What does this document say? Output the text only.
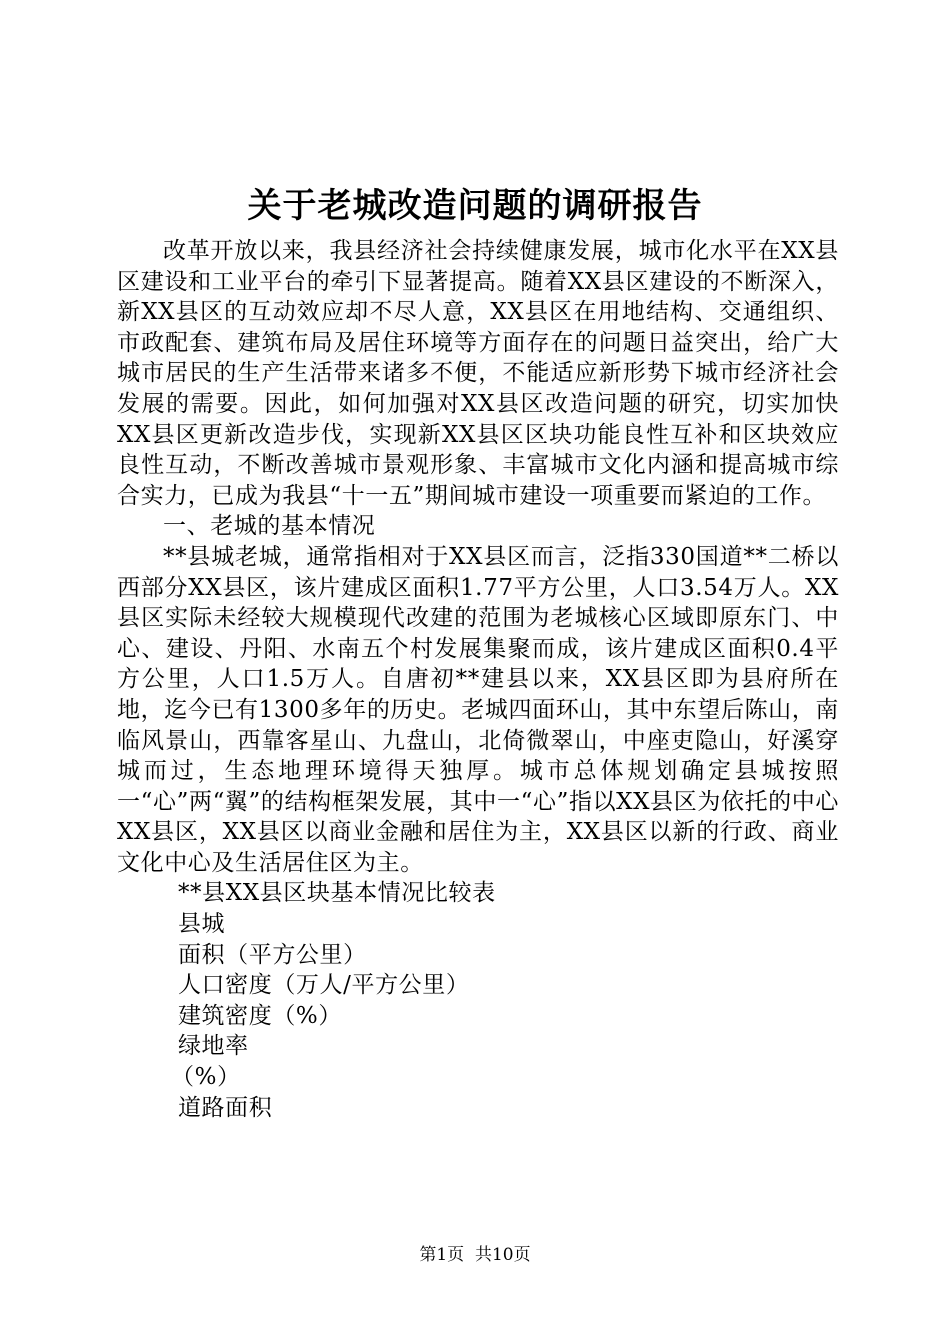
关于老城改造问题的调研报告

改革开放以来，我县经济社会持续健康发展，城市化水平在XX县区建设和工业平台的牵引下显著提高。随着XX县区建设的不断深入，新XX县区的互动效应却不尽人意，XX县区在用地结构、交通组织、市政配套、建筑布局及居住环境等方面存在的问题日益突出，给广大城市居民的生产生活带来诸多不便，不能适应新形势下城市经济社会发展的需要。因此，如何加强对XX县区改造问题的研究，切实加快XX县区更新改造步伐，实现新XX县区区块功能良性互补和区块效应良性互动，不断改善城市景观形象、丰富城市文化内涵和提高城市综合实力，已成为我县“十一五”期间城市建设一项重要而紧迫的工作。

一、老城的基本情况

**县城老城，通常指相对于XX县区而言，泛指330国道**二桥以西部分XX县区，该片建成区面积1.77平方公里，人口3.54万人。XX县区实际未经较大规模现代改建的范围为老城核心区域即原东门、中心、建设、丹阳、水南五个村发展集聚而成，该片建成区面积0.4平方公里，人口1.5万人。自唐初**建县以来，XX县区即为县府所在地，迄今已有1300多年的历史。老城四面环山，其中东望后陈山，南临风景山，西靠客星山、九盘山，北倚微翠山，中座吏隐山，好溪穿城而过，生态地理环境得天独厚。城市总体规划确定县城按照一“心”两“翼”的结构框架发展，其中一“心”指以XX县区为依托的中心XX县区，XX县区以商业金融和居住为主，XX县区以新的行政、商业文化中心及生活居住区为主。

**县XX县区块基本情况比较表

县城

面积（平方公里）

人口密度（万人/平方公里）

建筑密度（%）

绿地率

（%）

道路面积

第1页  共10页
